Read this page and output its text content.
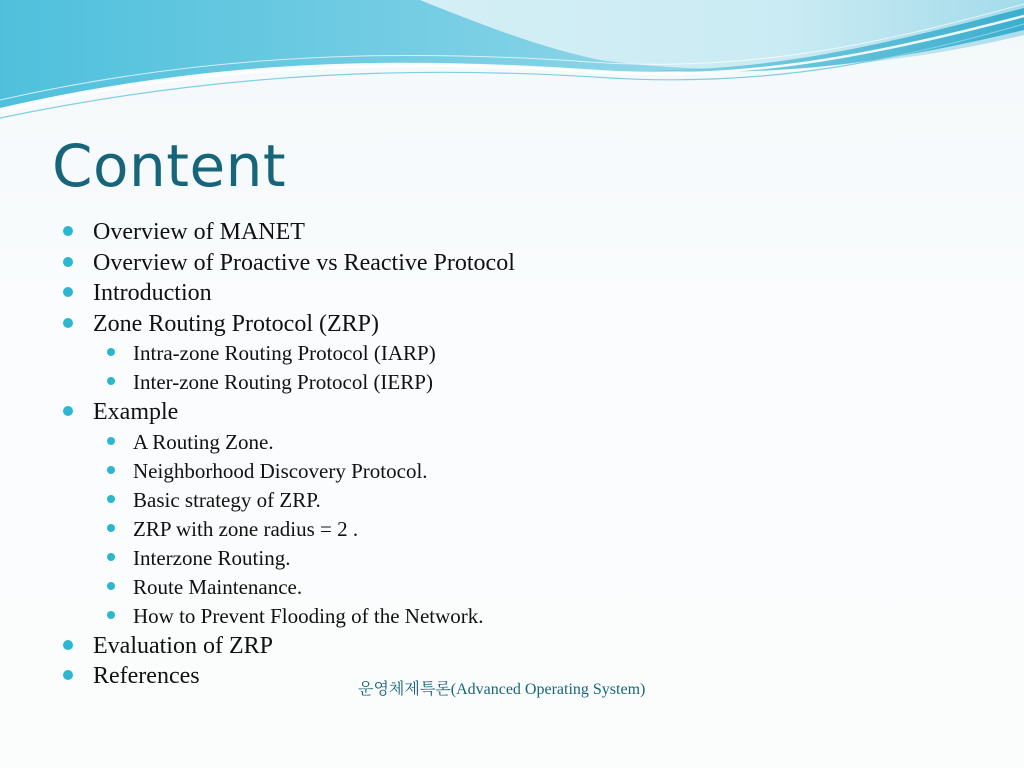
Content
Overview of MANET
Overview of Proactive vs Reactive Protocol
Introduction
Zone Routing Protocol (ZRP)
Intra-zone Routing Protocol (IARP)
Inter-zone Routing Protocol (IERP)
Example
A Routing Zone.
Neighborhood Discovery Protocol.
Basic strategy of ZRP.
ZRP with zone radius = 2 .
Interzone Routing.
Route Maintenance.
How to Prevent Flooding of the Network.
Evaluation of ZRP
References
운영체제특론(Advanced Operating System)
